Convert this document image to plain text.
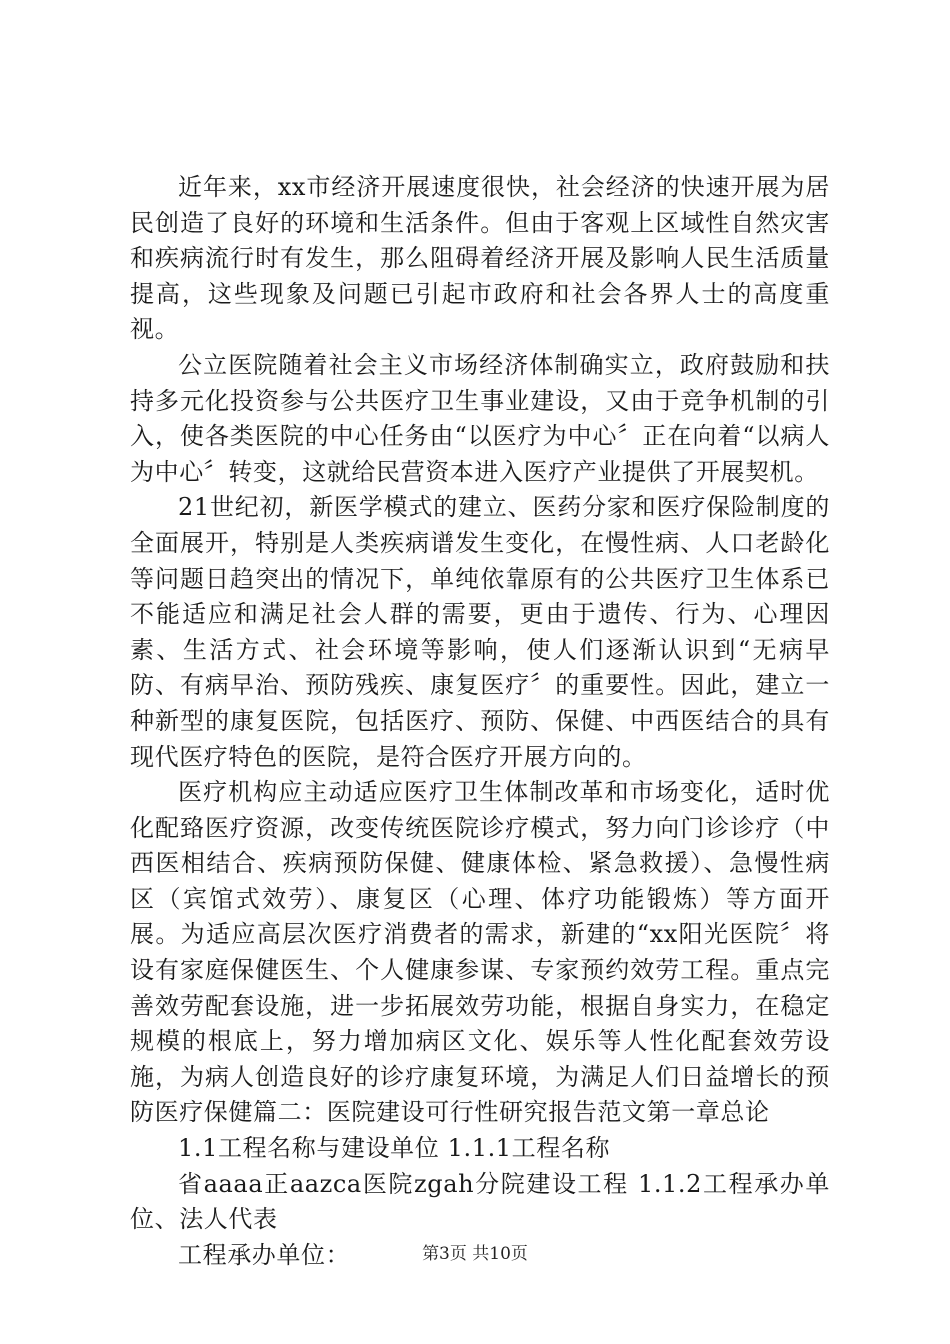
近年来，xx市经济开展速度很快，社会经济的快速开展为居民创造了良好的环境和生活条件。但由于客观上区域性自然灾害和疾病流行时有发生，那么阻碍着经济开展及影响人民生活质量提高，这些现象及问题已引起市政府和社会各界人士的高度重视。

公立医院随着社会主义市场经济体制确实立，政府鼓励和扶持多元化投资参与公共医疗卫生事业建设，又由于竞争机制的引入，使各类医院的中心任务由“以医疗为中心〞正在向着“以病人为中心〞转变，这就给民营资本进入医疗产业提供了开展契机。

21世纪初，新医学模式的建立、医药分家和医疗保险制度的全面展开，特别是人类疾病谱发生变化，在慢性病、人口老龄化等问题日趋突出的情况下，单纯依靠原有的公共医疗卫生体系已不能适应和满足社会人群的需要，更由于遗传、行为、心理因素、生活方式、社会环境等影响，使人们逐渐认识到“无病早防、有病早治、预防残疾、康复医疗〞的重要性。因此，建立一种新型的康复医院，包括医疗、预防、保健、中西医结合的具有现代医疗特色的医院，是符合医疗开展方向的。

医疗机构应主动适应医疗卫生体制改革和市场变化，适时优化配臵医疗资源，改变传统医院诊疗模式，努力向门诊诊疗（中西医相结合、疾病预防保健、健康体检、紧急救援）、急慢性病区（宾馆式效劳）、康复区（心理、体疗功能锻炼）等方面开展。为适应高层次医疗消费者的需求，新建的“xx阳光医院〞将设有家庭保健医生、个人健康参谋、专家预约效劳工程。重点完善效劳配套设施，进一步拓展效劳功能，根据自身实力，在稳定规模的根底上，努力增加病区文化、娱乐等人性化配套效劳设施，为病人创造良好的诊疗康复环境，为满足人们日益增长的预防医疗保健篇二：医院建设可行性研究报告范文第一章总论

1.1工程名称与建设单位 1.1.1工程名称

省aaaa正aazca医院zgah分院建设工程 1.1.2工程承办单位、法人代表

工程承办单位：	第3页 共10页
